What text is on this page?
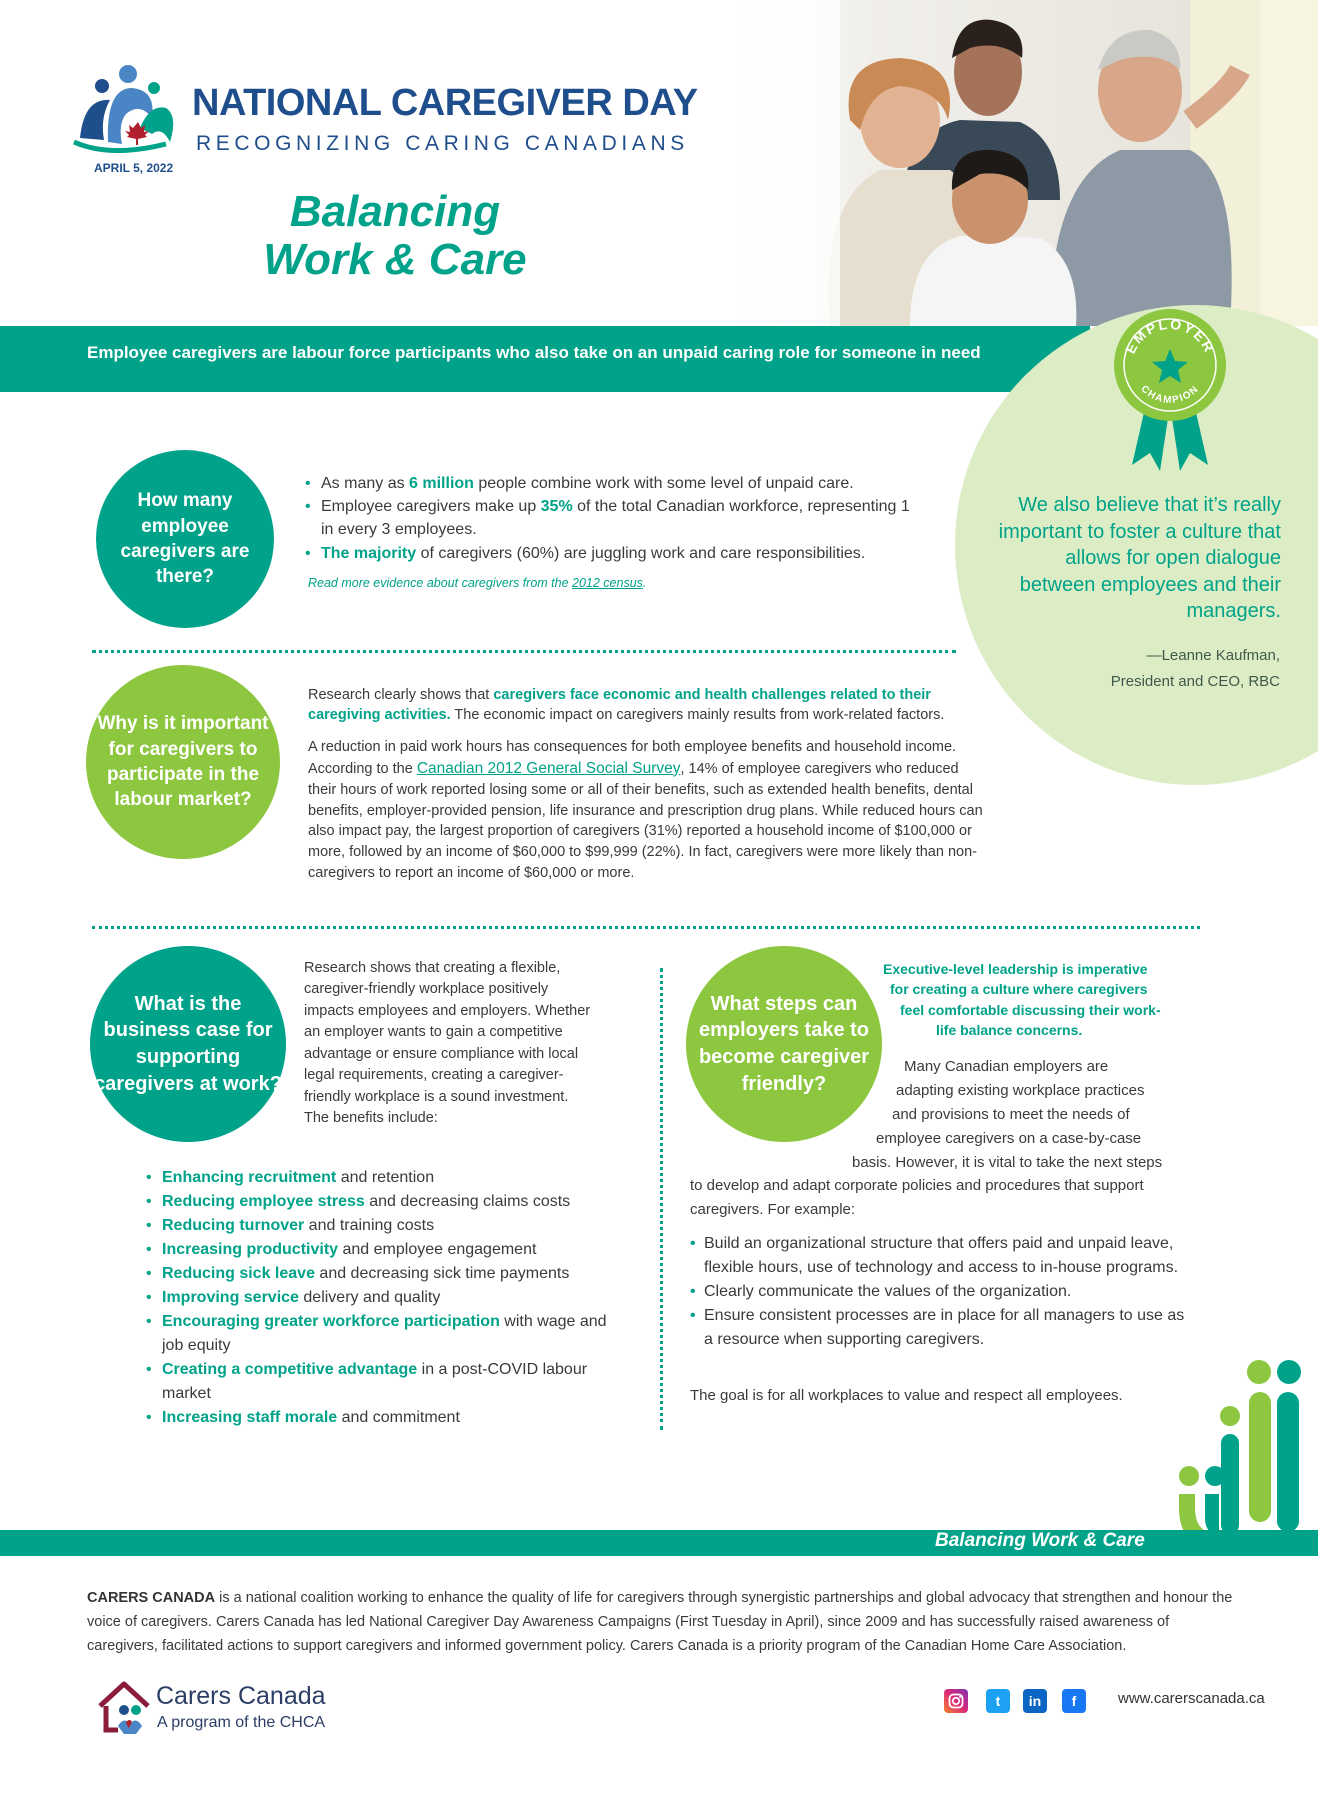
NATIONAL CAREGIVER DAY
RECOGNIZING CARING CANADIANS
APRIL 5, 2022
Balancing
Work & Care
Employee caregivers are labour force participants who also take on an unpaid caring role for someone in need	EMPLOYER
CHAMPION
We also believe that it’s really important to foster a culture that allows for open dialogue between employees and their managers.
—Leanne Kaufman,
President and CEO, RBC
How many employee caregivers are there?
• As many as 6 million people combine work with some level of unpaid care.
• Employee caregivers make up 35% of the total Canadian workforce, representing 1 in every 3 employees.
• The majority of caregivers (60%) are juggling work and care responsibilities.
Read more evidence about caregivers from the 2012 census.
Why is it important for caregivers to participate in the labour market?
Research clearly shows that caregivers face economic and health challenges related to their caregiving activities. The economic impact on caregivers mainly results from work-related factors.
A reduction in paid work hours has consequences for both employee benefits and household income. According to the Canadian 2012 General Social Survey, 14% of employee caregivers who reduced their hours of work reported losing some or all of their benefits, such as extended health benefits, dental benefits, employer-provided pension, life insurance and prescription drug plans. While reduced hours can also impact pay, the largest proportion of caregivers (31%) reported a household income of $100,000 or more, followed by an income of $60,000 to $99,999 (22%). In fact, caregivers were more likely than non-caregivers to report an income of $60,000 or more.
What is the business case for supporting caregivers at work?
Research shows that creating a flexible, caregiver-friendly workplace positively impacts employees and employers. Whether an employer wants to gain a competitive advantage or ensure compliance with local legal requirements, creating a caregiver-friendly workplace is a sound investment. The benefits include:
• Enhancing recruitment and retention
• Reducing employee stress and decreasing claims costs
• Reducing turnover and training costs
• Increasing productivity and employee engagement
• Reducing sick leave and decreasing sick time payments
• Improving service delivery and quality
• Encouraging greater workforce participation with wage and job equity
• Creating a competitive advantage in a post-COVID labour market
• Increasing staff morale and commitment
What steps can employers take to become caregiver friendly?
Executive-level leadership is imperative
for creating a culture where caregivers
feel comfortable discussing their work-
life balance concerns.
Many Canadian employers are
adapting existing workplace practices
and provisions to meet the needs of
employee caregivers on a case-by-case
basis. However, it is vital to take the next steps
to develop and adapt corporate policies and procedures that support caregivers. For example:
• Build an organizational structure that offers paid and unpaid leave, flexible hours, use of technology and access to in-house programs.
• Clearly communicate the values of the organization.
• Ensure consistent processes are in place for all managers to use as a resource when supporting caregivers.
The goal is for all workplaces to value and respect all employees.
Balancing Work & Care
CARERS CANADA is a national coalition working to enhance the quality of life for caregivers through synergistic partnerships and global advocacy that strengthen and honour the voice of caregivers. Carers Canada has led National Caregiver Day Awareness Campaigns (First Tuesday in April), since 2009 and has successfully raised awareness of caregivers, facilitated actions to support caregivers and informed government policy. Carers Canada is a priority program of the Canadian Home Care Association.
Carers Canada
A program of the CHCA
t	in	f	www.carerscanada.ca
